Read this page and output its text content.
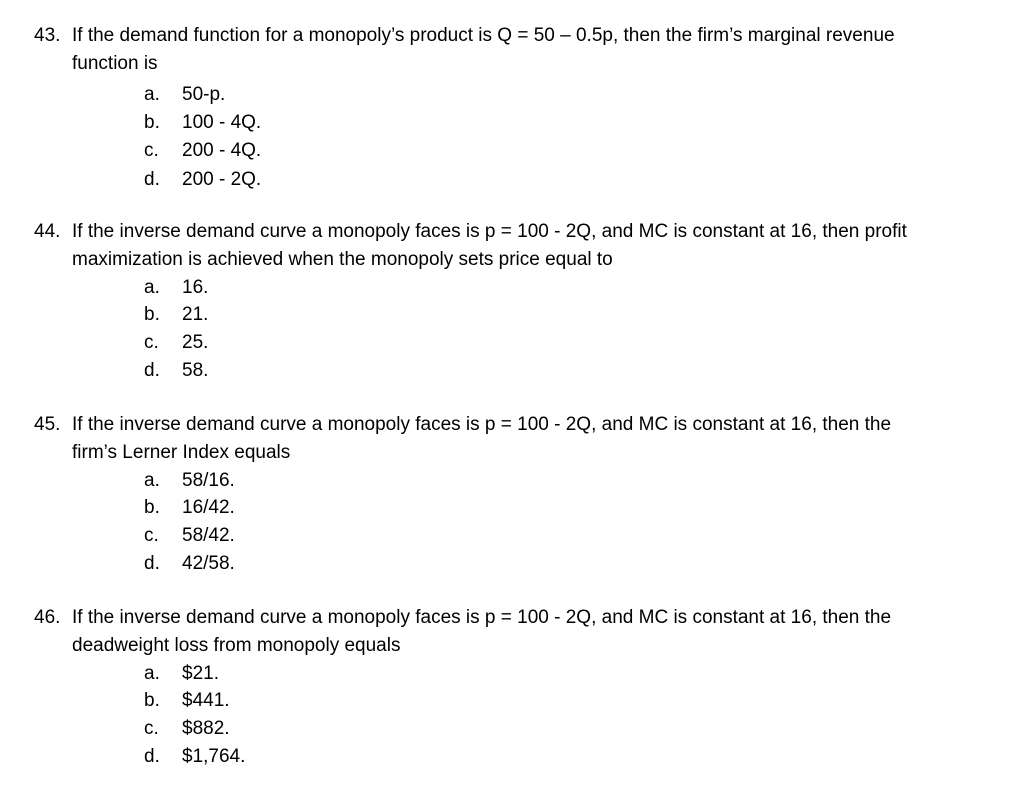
43. If the demand function for a monopoly’s product is Q = 50 – 0.5p, then the firm’s marginal revenue
function is
a. 50-p.
b. 100 - 4Q.
c. 200 - 4Q.
d. 200 - 2Q.
44. If the inverse demand curve a monopoly faces is p = 100 - 2Q, and MC is constant at 16, then profit
maximization is achieved when the monopoly sets price equal to
a. 16.
b. 21.
c. 25.
d. 58.
45. If the inverse demand curve a monopoly faces is p = 100 - 2Q, and MC is constant at 16, then the
firm’s Lerner Index equals
a. 58/16.
b. 16/42.
c. 58/42.
d. 42/58.
46. If the inverse demand curve a monopoly faces is p = 100 - 2Q, and MC is constant at 16, then the
deadweight loss from monopoly equals
a. $21.
b. $441.
c. $882.
d. $1,764.
